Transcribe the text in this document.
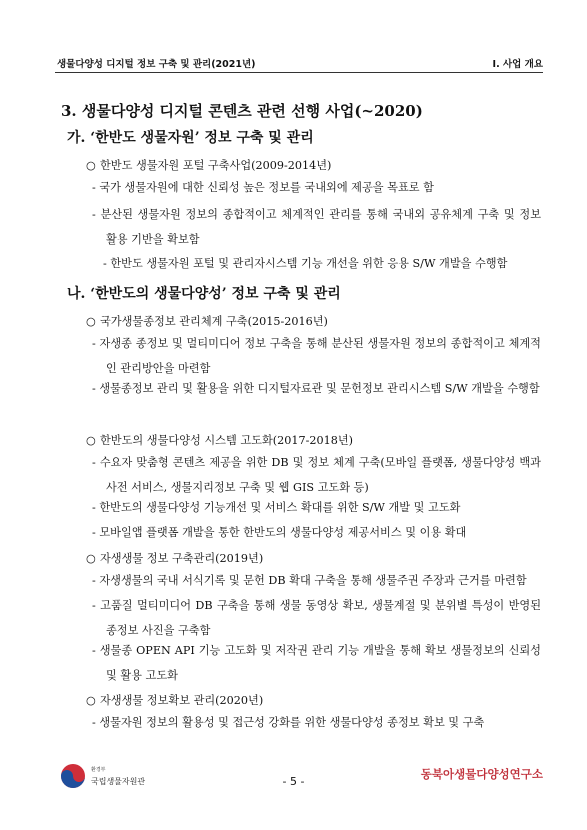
생물다양성 디지털 정보 구축 및 관리(2021년)	I. 사업 개요
3. 생물다양성 디지털 콘텐츠 관련 선행 사업(~2020)
가. ‘한반도 생물자원’ 정보 구축 및 관리
○ 한반도 생물자원 포털 구축사업(2009-2014년)
- 국가 생물자원에 대한 신뢰성 높은 정보를 국내외에 제공을 목표로 함
- 분산된 생물자원 정보의 종합적이고 체계적인 관리를 통해 국내외 공유체계 구축 및 정보 활용 기반을 확보함
- 한반도 생물자원 포털 및 관리자시스템 기능 개선을 위한 응용 S/W 개발을 수행함
나. ‘한반도의 생물다양성’ 정보 구축 및 관리
○ 국가생물종정보 관리체계 구축(2015-2016년)
- 자생종 종정보 및 멀티미디어 정보 구축을 통해 분산된 생물자원 정보의 종합적이고 체계적인 관리방안을 마련함
- 생물종정보 관리 및 활용을 위한 디지털자료관 및 문헌정보 관리시스템 S/W 개발을 수행함
○ 한반도의 생물다양성 시스템 고도화(2017-2018년)
- 수요자 맞춤형 콘텐츠 제공을 위한 DB 및 정보 체계 구축(모바일 플랫폼, 생물다양성 백과사전 서비스, 생물지리정보 구축 및 웹 GIS 고도화 등)
- 한반도의 생물다양성 기능개선 및 서비스 확대를 위한 S/W 개발 및 고도화
- 모바일앱 플랫폼 개발을 통한 한반도의 생물다양성 제공서비스 및 이용 확대
○ 자생생물 정보 구축관리(2019년)
- 자생생물의 국내 서식기록 및 문헌 DB 확대 구축을 통해 생물주권 주장과 근거를 마련함
- 고품질 멀티미디어 DB 구축을 통해 생물 동영상 확보, 생물계절 및 분위별 특성이 반영된 종정보 사진을 구축함
- 생물종 OPEN API 기능 고도화 및 저작권 관리 기능 개발을 통해 확보 생물정보의 신뢰성 및 활용 고도화
○ 자생생물 정보확보 관리(2020년)
- 생물자원 정보의 활용성 및 접근성 강화를 위한 생물다양성 종정보 확보 및 구축
환경부
국립생물자원관	- 5 -
동북아생물다양성연구소
